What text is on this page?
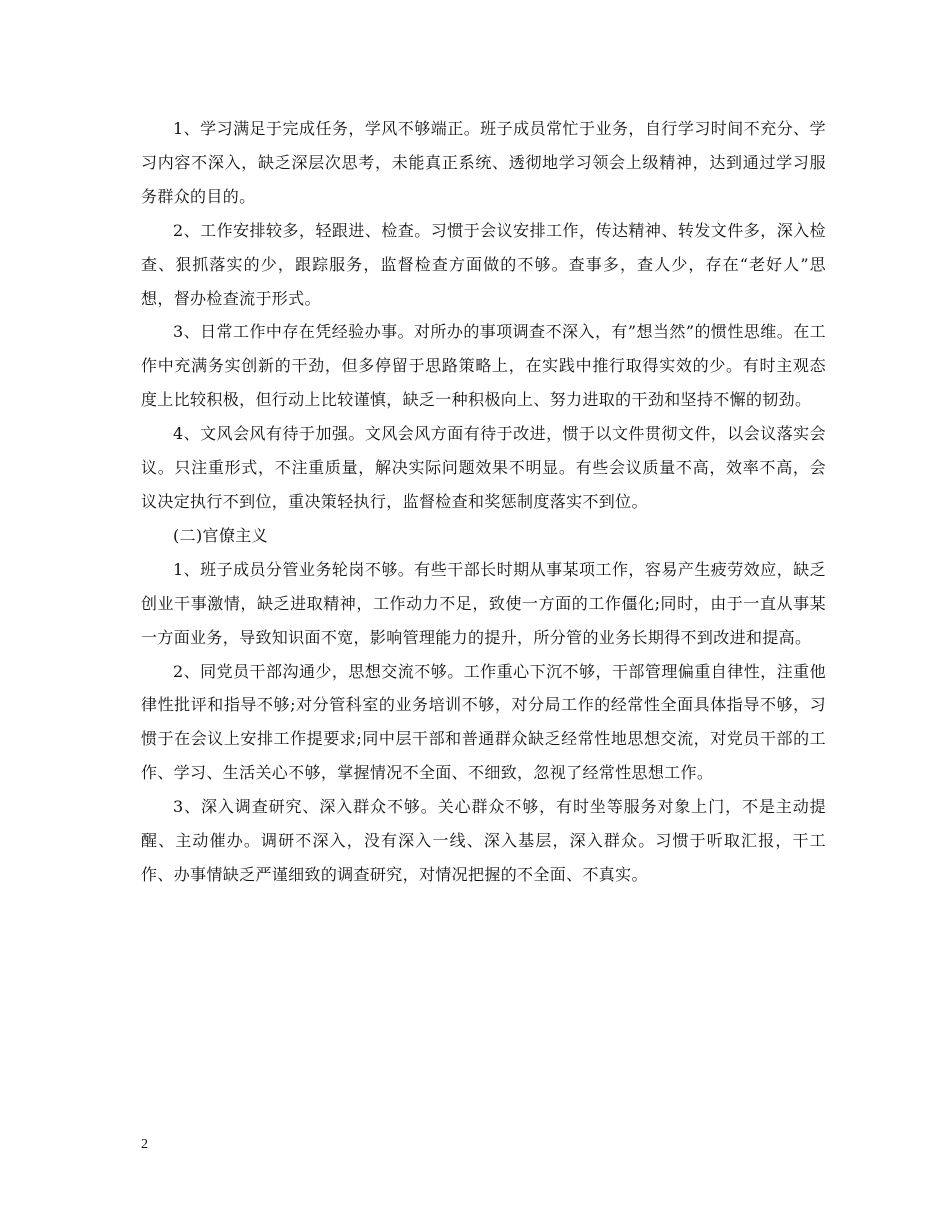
1、学习满足于完成任务，学风不够端正。班子成员常忙于业务，自行学习时间不充分、学习内容不深入，缺乏深层次思考，未能真正系统、透彻地学习领会上级精神，达到通过学习服务群众的目的。

2、工作安排较多，轻跟进、检查。习惯于会议安排工作，传达精神、转发文件多，深入检查、狠抓落实的少，跟踪服务，监督检查方面做的不够。查事多，查人少，存在“老好人”思想，督办检查流于形式。

3、日常工作中存在凭经验办事。对所办的事项调查不深入，有”想当然”的惯性思维。在工作中充满务实创新的干劲，但多停留于思路策略上，在实践中推行取得实效的少。有时主观态度上比较积极，但行动上比较谨慎，缺乏一种积极向上、努力进取的干劲和坚持不懈的韧劲。

4、文风会风有待于加强。文风会风方面有待于改进，惯于以文件贯彻文件，以会议落实会议。只注重形式，不注重质量，解决实际问题效果不明显。有些会议质量不高，效率不高，会议决定执行不到位，重决策轻执行，监督检查和奖惩制度落实不到位。

(二)官僚主义

1、班子成员分管业务轮岗不够。有些干部长时期从事某项工作，容易产生疲劳效应，缺乏创业干事激情，缺乏进取精神，工作动力不足，致使一方面的工作僵化;同时，由于一直从事某一方面业务，导致知识面不宽，影响管理能力的提升，所分管的业务长期得不到改进和提高。

2、同党员干部沟通少，思想交流不够。工作重心下沉不够，干部管理偏重自律性，注重他律性批评和指导不够;对分管科室的业务培训不够，对分局工作的经常性全面具体指导不够，习惯于在会议上安排工作提要求;同中层干部和普通群众缺乏经常性地思想交流，对党员干部的工作、学习、生活关心不够，掌握情况不全面、不细致，忽视了经常性思想工作。

3、深入调查研究、深入群众不够。关心群众不够，有时坐等服务对象上门，不是主动提醒、主动催办。调研不深入，没有深入一线、深入基层，深入群众。习惯于听取汇报，干工作、办事情缺乏严谨细致的调查研究，对情况把握的不全面、不真实。

2
